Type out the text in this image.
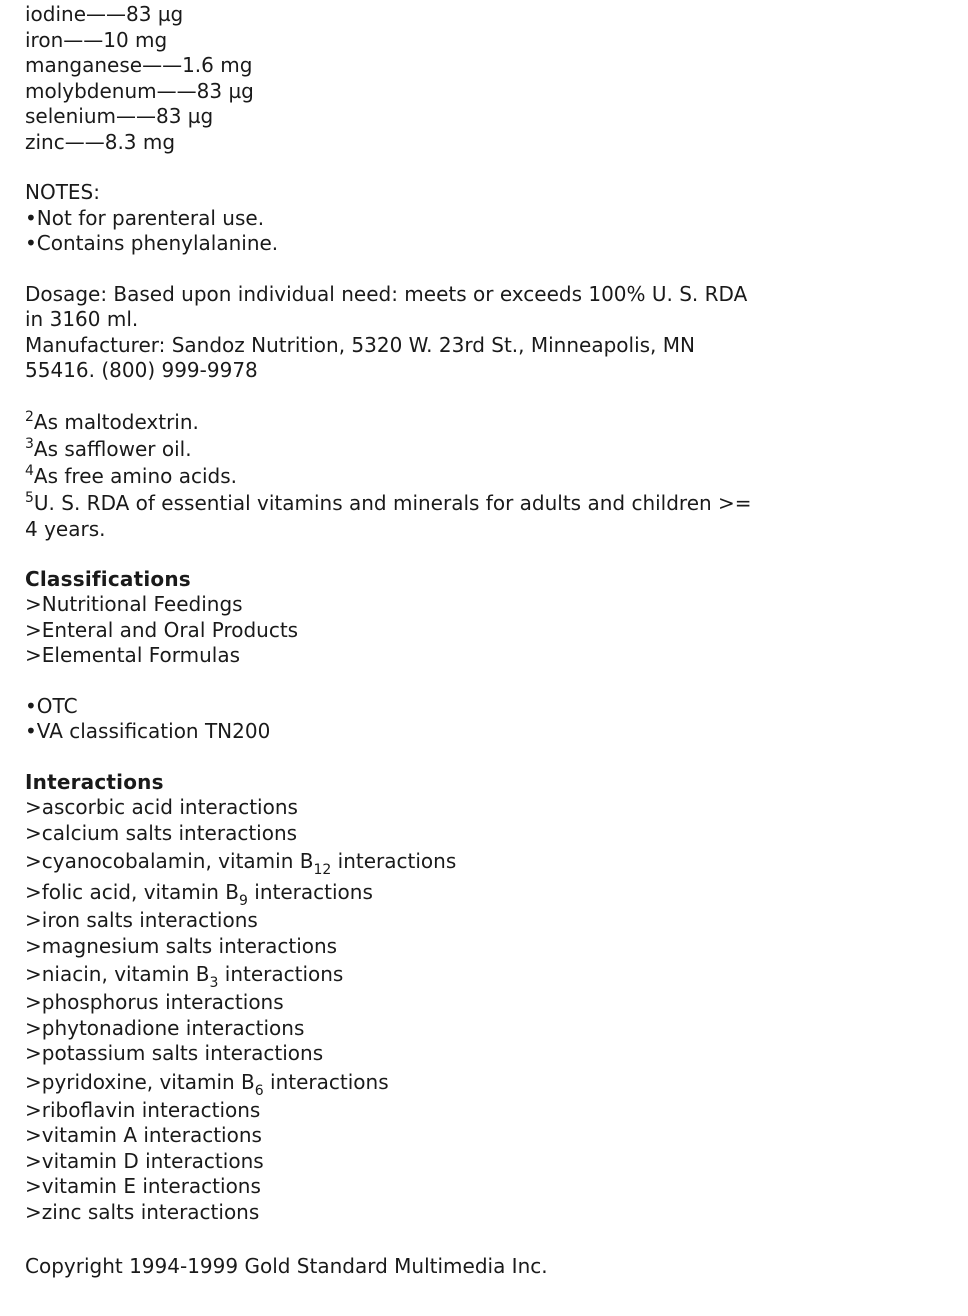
iodine——83 µg
iron——10 mg
manganese——1.6 mg
molybdenum——83 µg
selenium——83 µg
zinc——8.3 mg
NOTES:
•Not for parenteral use.
•Contains phenylalanine.
Dosage: Based upon individual need: meets or exceeds 100% U. S. RDA
in 3160 ml.
Manufacturer: Sandoz Nutrition, 5320 W. 23rd St., Minneapolis, MN
55416. (800) 999-9978
$^2$As maltodextrin.
$^3$As safflower oil.
$^4$As free amino acids.
$^5$U. S. RDA of essential vitamins and minerals for adults and children >=
4 years.
Classifications
>Nutritional Feedings
>Enteral and Oral Products
>Elemental Formulas
•OTC
•VA classification TN200
Interactions
>ascorbic acid interactions
>calcium salts interactions
>cyanocobalamin, vitamin $B_{12}$ interactions
>folic acid, vitamin $B_9$ interactions
>iron salts interactions
>magnesium salts interactions
>niacin, vitamin $B_3$ interactions
>phosphorus interactions
>phytonadione interactions
>potassium salts interactions
>pyridoxine, vitamin $B_6$ interactions
>riboflavin interactions
>vitamin A interactions
>vitamin D interactions
>vitamin E interactions
>zinc salts interactions
Copyright 1994-1999 Gold Standard Multimedia Inc.
